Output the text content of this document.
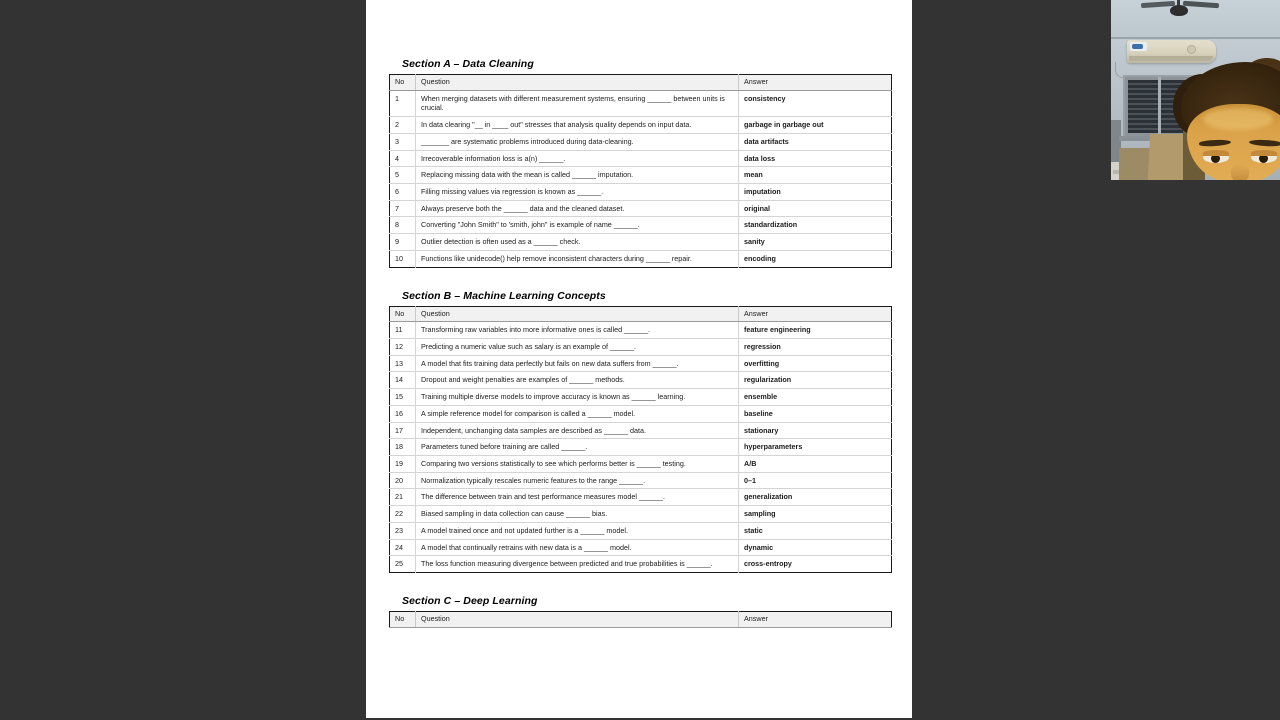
Section A – Data Cleaning
No	Question	Answer
1	When merging datasets with different measurement systems, ensuring ______ between units is crucial.	consistency
2	In data clearing "__ in ____ out" stresses that analysis quality depends on input data.	garbage in garbage out
3	_______ are systematic problems introduced during data-cleaning.	data artifacts
4	Irrecoverable information loss is a(n) ______.	data loss
5	Replacing missing data with the mean is called ______ imputation.	mean
6	Filling missing values via regression is known as ______.	imputation
7	Always preserve both the ______ data and the cleaned dataset.	original
8	Converting "John Smith" to 'smith, john" is example of name ______.	standardization
9	Outlier detection is often used as a ______ check.	sanity
10	Functions like unidecode() help remove inconsistent characters during ______ repair.	encoding
Section B – Machine Learning Concepts
No	Question	Answer
11	Transforming raw variables into more informative ones is called ______.	feature engineering
12	Predicting a numeric value such as salary is an example of ______.	regression
13	A model that fits training data perfectly but fails on new data suffers from ______.	overfitting
14	Dropout and weight penalties are examples of ______ methods.	regularization
15	Training multiple diverse models to improve accuracy is known as ______ learning.	ensemble
16	A simple reference model for comparison is called a ______ model.	baseline
17	Independent, unchanging data samples are described as ______ data.	stationary
18	Parameters tuned before training are called ______.	hyperparameters
19	Comparing two versions statistically to see which performs better is ______ testing.	A/B
20	Normalization typically rescales numeric features to the range ______.	0–1
21	The difference between train and test performance measures model ______.	generalization
22	Biased sampling in data collection can cause ______ bias.	sampling
23	A model trained once and not updated further is a ______ model.	static
24	A model that continually retrains with new data is a ______ model.	dynamic
25	The loss function measuring divergence between predicted and true probabilities is ______.	cross-entropy
Section C – Deep Learning
No	Question	Answer
